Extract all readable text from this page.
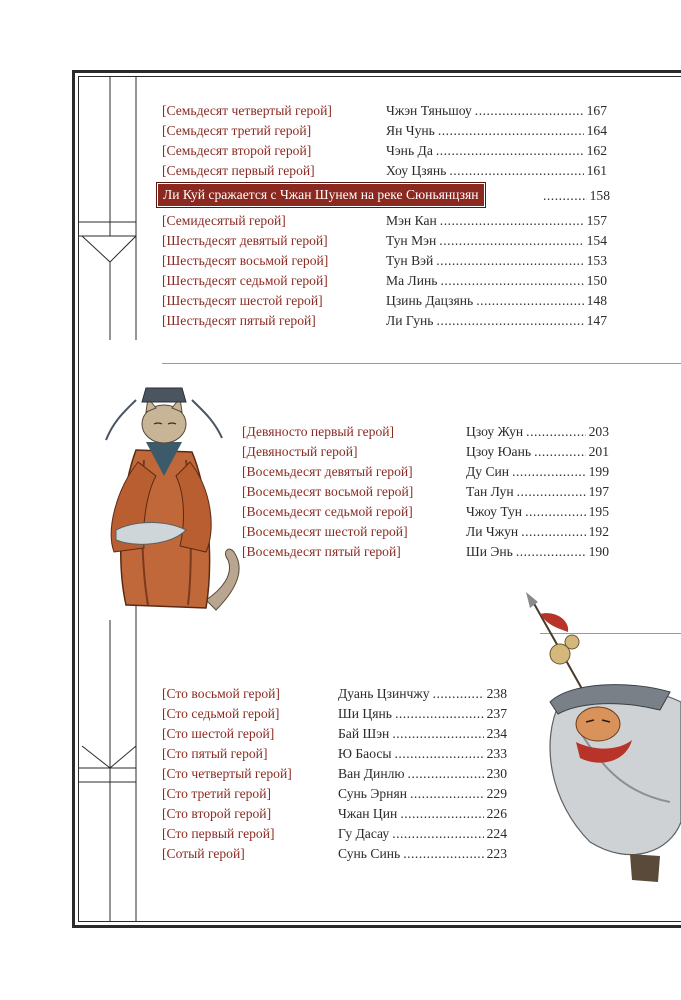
[Семьдесят четвертый герой]	Чжэн Тяньшоу .....	167
[Семьдесят третий герой]	Ян Чунь .....	164
[Семьдесят второй герой]	Чэнь Да .....	162
[Семьдесят первый герой]	Хоу Цзянь .....	161
Ли Куй сражается с Чжан Шунем на реке Сюньянцзян .....	158
[Семидесятый герой]	Мэн Кан .....	157
[Шестьдесят девятый герой]	Тун Мэн .....	154
[Шестьдесят восьмой герой]	Тун Вэй .....	153
[Шестьдесят седьмой герой]	Ма Линь .....	150
[Шестьдесят шестой герой]	Цзинь Дацзянь .....	148
[Шестьдесят пятый герой]	Ли Гунь .....	147
[Девяносто первый герой]	Цзоу Жун .....	203
[Девяностый герой]	Цзоу Юань .....	201
[Восемьдесят девятый герой]	Ду Син .....	199
[Восемьдесят восьмой герой]	Тан Лун .....	197
[Восемьдесят седьмой герой]	Чжоу Тун .....	195
[Восемьдесят шестой герой]	Ли Чжун .....	192
[Восемьдесят пятый герой]	Ши Энь .....	190
[Сто восьмой герой]	Дуань Цзинчжу .....	238
[Сто седьмой герой]	Ши Цянь .....	237
[Сто шестой герой]	Бай Шэн .....	234
[Сто пятый герой]	Ю Баосы .....	233
[Сто четвертый герой]	Ван Динлю .....	230
[Сто третий герой]	Сунь Эрнян .....	229
[Сто второй герой]	Чжан Цин .....	226
[Сто первый герой]	Гу Дасау .....	224
[Сотый герой]	Сунь Синь .....	223
